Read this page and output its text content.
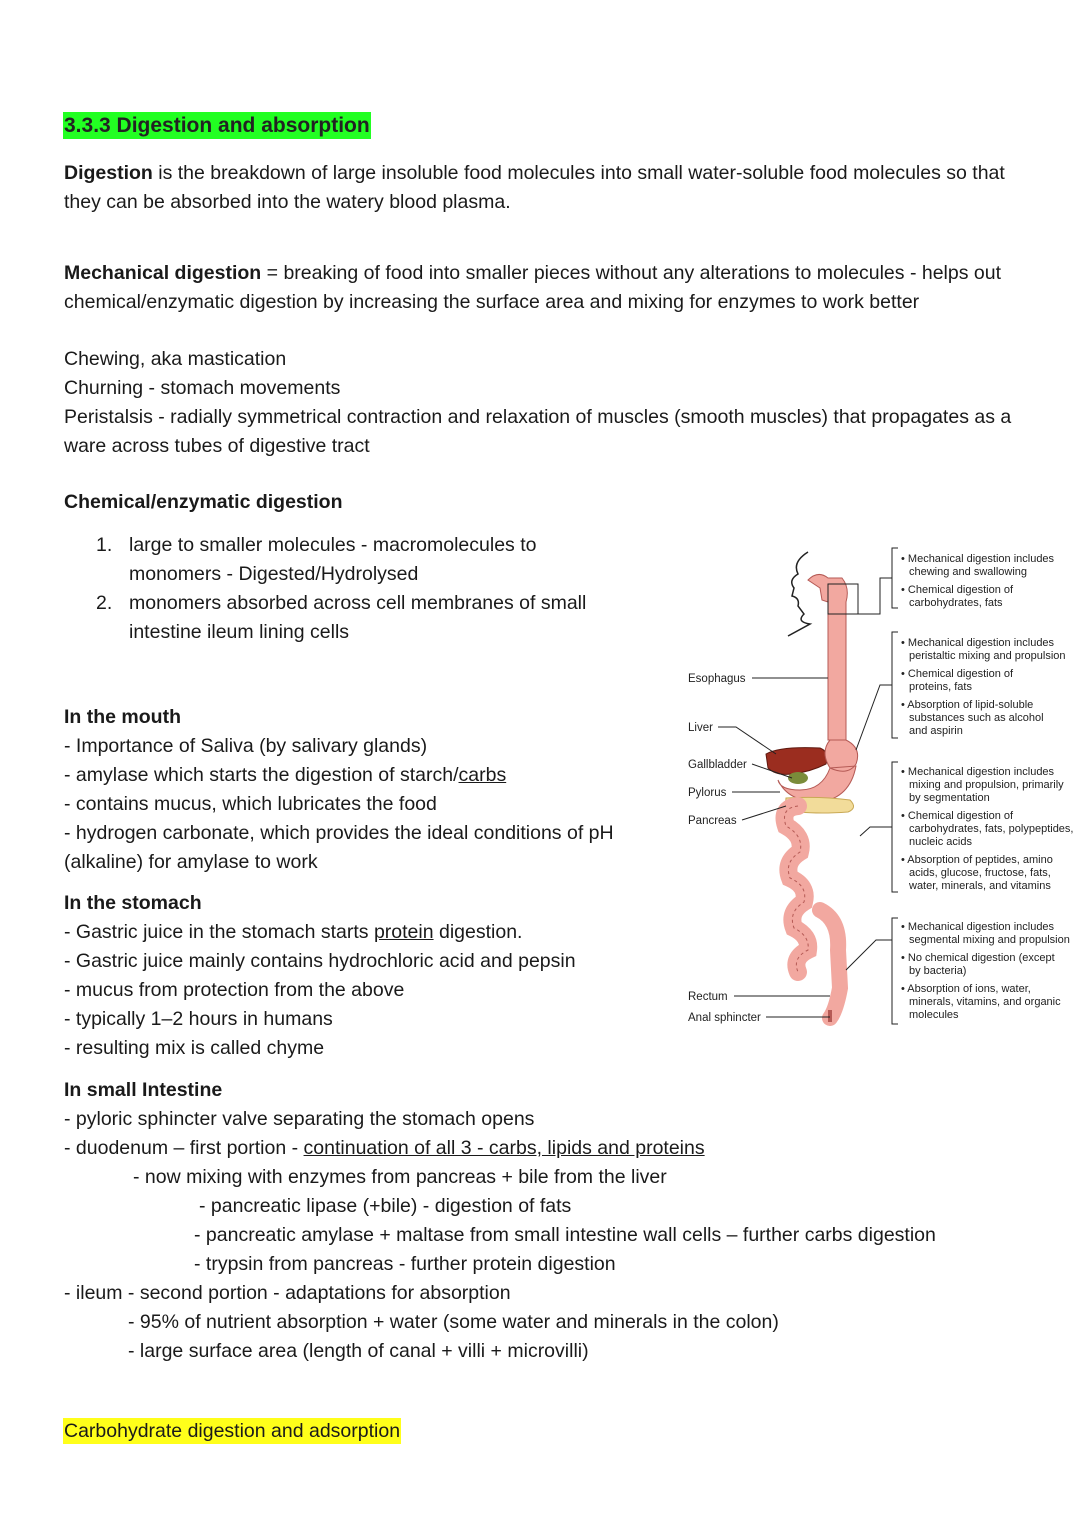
3.3.3 Digestion and absorption
Digestion is the breakdown of large insoluble food molecules into small water-soluble food molecules so that
they can be absorbed into the watery blood plasma.
Mechanical digestion = breaking of food into smaller pieces without any alterations to molecules - helps out
chemical/enzymatic digestion by increasing the surface area and mixing for enzymes to work better
Chewing, aka mastication
Churning - stomach movements
Peristalsis - radially symmetrical contraction and relaxation of muscles (smooth muscles) that propagates as a
ware across tubes of digestive tract
Chemical/enzymatic digestion
1. large to smaller molecules - macromolecules to
monomers - Digested/Hydrolysed
2. monomers absorbed across cell membranes of small
intestine ileum lining cells
In the mouth
- Importance of Saliva (by salivary glands)
- amylase which starts the digestion of starch/carbs
- contains mucus, which lubricates the food
- hydrogen carbonate, which provides the ideal conditions of pH
(alkaline) for amylase to work
In the stomach
- Gastric juice in the stomach starts protein digestion.
- Gastric juice mainly contains hydrochloric acid and pepsin
- mucus from protection from the above
- typically 1–2 hours in humans
- resulting mix is called chyme
In small Intestine
- pyloric sphincter valve separating the stomach opens
- duodenum – first portion - continuation of all 3 - carbs, lipids and proteins
- now mixing with enzymes from pancreas + bile from the liver
- pancreatic lipase (+bile) - digestion of fats
- pancreatic amylase + maltase from small intestine wall cells – further carbs digestion
- trypsin from pancreas - further protein digestion
- ileum - second portion - adaptations for absorption
- 95% of nutrient absorption + water (some water and minerals in the colon)
- large surface area (length of canal + villi + microvilli)
Carbohydrate digestion and adsorption
Esophagus
Liver
Gallbladder
Pylorus
Pancreas
Rectum
Anal sphincter
• Mechanical digestion includes
chewing and swallowing
• Chemical digestion of
carbohydrates, fats
• Mechanical digestion includes
peristaltic mixing and propulsion
• Chemical digestion of
proteins, fats
• Absorption of lipid-soluble
substances such as alcohol
and aspirin
• Mechanical digestion includes
mixing and propulsion, primarily
by segmentation
• Chemical digestion of
carbohydrates, fats, polypeptides,
nucleic acids
• Absorption of peptides, amino
acids, glucose, fructose, fats,
water, minerals, and vitamins
• Mechanical digestion includes
segmental mixing and propulsion
• No chemical digestion (except
by bacteria)
• Absorption of ions, water,
minerals, vitamins, and organic
molecules
